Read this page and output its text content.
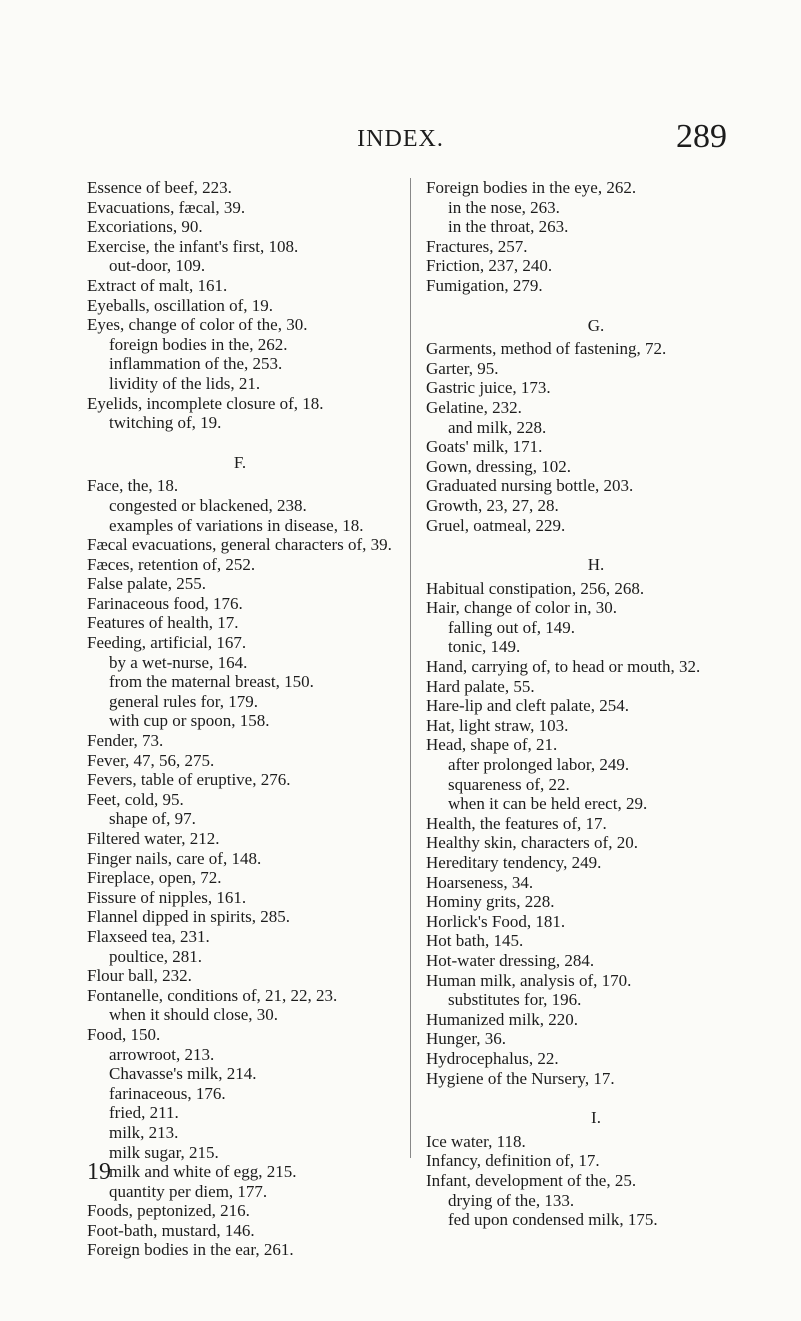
INDEX.	289

Essence of beef, 223.

Evacuations, fæcal, 39.

Excoriations, 90.

Exercise, the infant's first, 108.

out-door, 109.

Extract of malt, 161.

Eyeballs, oscillation of, 19.

Eyes, change of color of the, 30.

foreign bodies in the, 262.

inflammation of the, 253.

lividity of the lids, 21.

Eyelids, incomplete closure of, 18.

twitching of, 19.

F.

Face, the, 18.

congested or blackened, 238.

examples of variations in disease, 18.

Fæcal evacuations, general characters of, 39.

Fæces, retention of, 252.

False palate, 255.

Farinaceous food, 176.

Features of health, 17.

Feeding, artificial, 167.

by a wet-nurse, 164.

from the maternal breast, 150.

general rules for, 179.

with cup or spoon, 158.

Fender, 73.

Fever, 47, 56, 275.

Fevers, table of eruptive, 276.

Feet, cold, 95.

shape of, 97.

Filtered water, 212.

Finger nails, care of, 148.

Fireplace, open, 72.

Fissure of nipples, 161.

Flannel dipped in spirits, 285.

Flaxseed tea, 231.

poultice, 281.

Flour ball, 232.

Fontanelle, conditions of, 21, 22, 23.

when it should close, 30.

Food, 150.

arrowroot, 213.

Chavasse's milk, 214.

farinaceous, 176.

fried, 211.

milk, 213.

milk sugar, 215.

milk and white of egg, 215.

quantity per diem, 177.

Foods, peptonized, 216.

Foot-bath, mustard, 146.

Foreign bodies in the ear, 261.

Foreign bodies in the eye, 262.

in the nose, 263.

in the throat, 263.

Fractures, 257.

Friction, 237, 240.

Fumigation, 279.

G.

Garments, method of fastening, 72.

Garter, 95.

Gastric juice, 173.

Gelatine, 232.

and milk, 228.

Goats' milk, 171.

Gown, dressing, 102.

Graduated nursing bottle, 203.

Growth, 23, 27, 28.

Gruel, oatmeal, 229.

H.

Habitual constipation, 256, 268.

Hair, change of color in, 30.

falling out of, 149.

tonic, 149.

Hand, carrying of, to head or mouth, 32.

Hard palate, 55.

Hare-lip and cleft palate, 254.

Hat, light straw, 103.

Head, shape of, 21.

after prolonged labor, 249.

squareness of, 22.

when it can be held erect, 29.

Health, the features of, 17.

Healthy skin, characters of, 20.

Hereditary tendency, 249.

Hoarseness, 34.

Hominy grits, 228.

Horlick's Food, 181.

Hot bath, 145.

Hot-water dressing, 284.

Human milk, analysis of, 170.

substitutes for, 196.

Humanized milk, 220.

Hunger, 36.

Hydrocephalus, 22.

Hygiene of the Nursery, 17.

I.

Ice water, 118.

Infancy, definition of, 17.

Infant, development of the, 25.

drying of the, 133.

fed upon condensed milk, 175.

19
